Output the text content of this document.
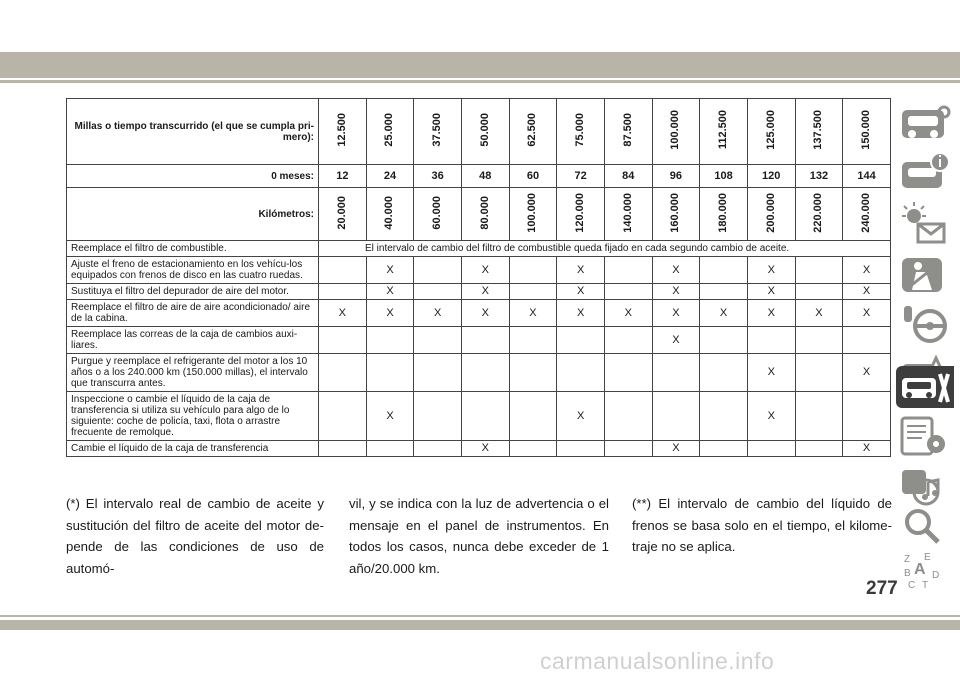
Millas o tiempo transcurrido (el que se cumpla pri-mero):	12.500	25.000	37.500	50.000	62.500	75.000	87.500	100.000	112.500	125.000	137.500	150.000
0 meses:	12	24	36	48	60	72	84	96	108	120	132	144
Kilómetros:	20.000	40.000	60.000	80.000	100.000	120.000	140.000	160.000	180.000	200.000	220.000	240.000
Reemplace el filtro de combustible.	El intervalo de cambio del filtro de combustible queda fijado en cada segundo cambio de aceite.											
Ajuste el freno de estacionamiento en los vehícu-los equipados con frenos de disco en las cuatro ruedas.		X		X		X		X		X		X
Sustituya el filtro del depurador de aire del motor.		X		X		X		X		X		X
Reemplace el filtro de aire de aire acondicionado/ aire de la cabina.	X	X	X	X	X	X	X	X	X	X	X	X
Reemplace las correas de la caja de cambios auxi-liares.								X				
Purgue y reemplace el refrigerante del motor a los 10 años o a los 240.000 km (150.000 millas), el intervalo que transcurra antes.										X		X
Inspeccione o cambie el líquido de la caja de transferencia si utiliza su vehículo para algo de lo siguiente: coche de policía, taxi, flota o arrastre frecuente de remolque.		X				X				X		
Cambie el líquido de la caja de transferencia				X				X				X
(*) El intervalo real de cambio de aceite y sustitución del filtro de aceite del motor de-pende de las condiciones de uso de automó-
vil, y se indica con la luz de advertencia o el mensaje en el panel de instrumentos. En todos los casos, nunca debe exceder de 1 año/20.000 km.
(**) El intervalo de cambio del líquido de frenos se basa solo en el tiempo, el kilome-traje no se aplica.
277
carmanualsonline.info
Z E
A
B D
C T
